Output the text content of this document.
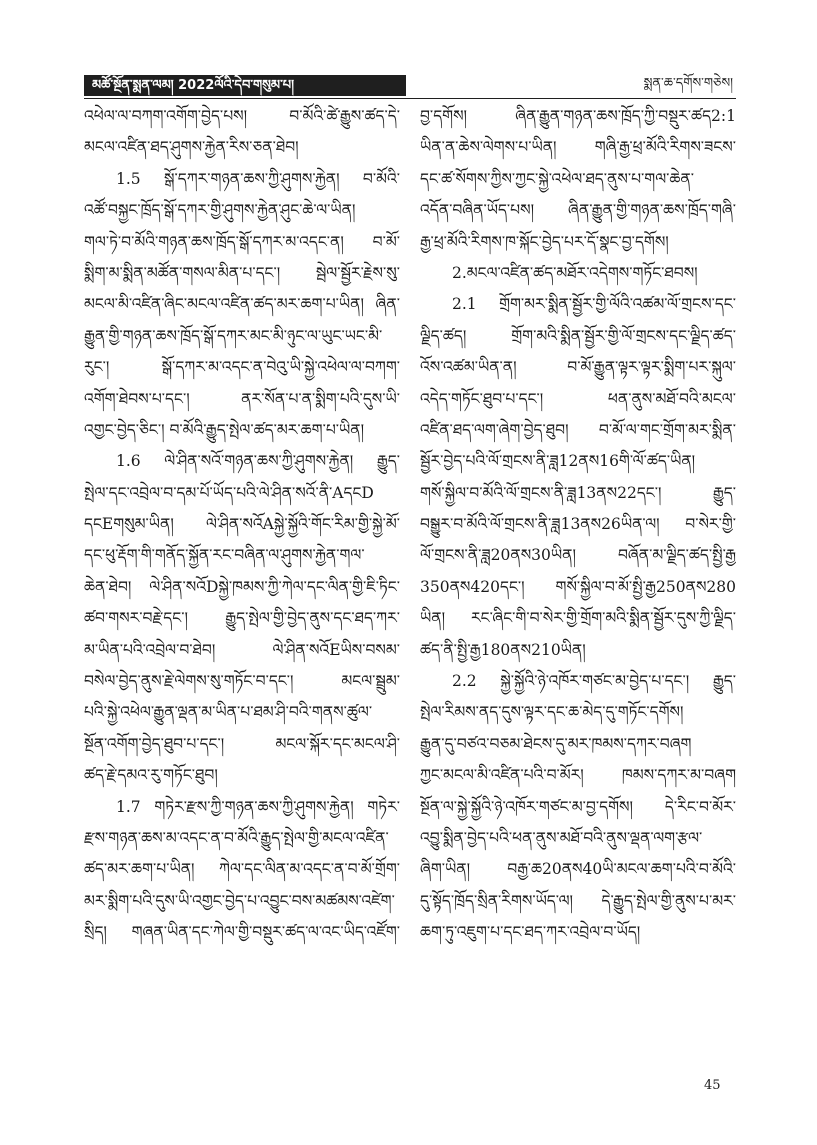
མཚོ་སྔོན་སྨན་ལམ། 2022ལོའི་དེབ་གསུམ་པ།	སྨན་ཆ་དགོས་གཅེས།
འཕེལ་ལ་བཀག་འགོག་བྱེད་པས། བ་མོའི་ཚེ་རྒྱུས་ཚད་དེ་
མངལ་འཛིན་ཐད་ཤུགས་རྐྱེན་རིས་ཅན་ཐེབ།
1.5 སྒོ་དཀར་གཉན་ཆས་ཀྱི་ཤུགས་རྐྱེན། བ་མོའི་
འཚོ་བསྐྱང་ཁྲོད་སྒོ་དཀར་གྱི་ཤུགས་རྐྱེན་ཤུང་ཆེ་ལ་ཡིན།
གལ་ཏེ་བ་མོའི་གཉན་ཆས་ཁྲོད་སྒོ་དཀར་མ་འདང་ན། བ་མོ་
སྨིག་མ་སྨིན་མཚོན་གསལ་མིན་པ་དང་། སྦེལ་སྦྱོར་རྗེས་སུ་
མངལ་མི་འཛིན་ཞིང་མངལ་འཛིན་ཚད་མར་ཆག་པ་ཡིན། ཞིན་
རྒྱུན་གྱི་གཉན་ཆས་ཁྲོད་སྒོ་དཀར་མང་མི་ཉུང་ལ་ཡུང་ཡང་མི་
རུང་། སྒོ་དཀར་མ་འདང་ན་བེའུ་ཡི་སྐྱེ་འཕེལ་ལ་བཀག་
འགོག་ཐེབས་པ་དང་། ནར་སོན་པ་ན་སྨིག་པའི་དུས་ཡི་
འགྱང་བྱེད་ཅིང་། བ་མོའི་རྒྱུད་སྤེལ་ཚད་མར་ཆག་པ་ཡིན།
1.6 ལེ་ཤིན་སའོ་གཉན་ཆས་ཀྱི་ཤུགས་རྐྱེན། རྒྱུད་
སྤེལ་དང་འབྲེལ་བ་དམ་པོ་ཡོད་པའི་ལེ་ཤིན་སའོ་ནི་AདངD
དངEགསུམ་ཡིན། ལེ་ཤིན་སའོAསྐྱེ་སྐྱོའི་གོང་རིམ་གྱི་སྐྱེ་མོ་
དང་ཕུ་རྡོག་གི་གནོད་སྐྱོན་རང་བཞིན་ལ་ཤུགས་རྐྱེན་གལ་
ཆེན་ཐེབ། ལེ་ཤིན་སའོDསྐྱེ་ཁམས་ཀྱི་ཀེལ་དང་ལིན་གྱི་ཇི་ཏིང་
ཚབ་གསར་བརྗེ་དང་། རྒྱུད་སྤེལ་གྱི་བྱེད་ནུས་དང་ཐད་ཀར་
མ་ཡིན་པའི་འབྲེལ་བ་ཐེབ། ལེ་ཤིན་སའོEཡིས་བསམ་
བསེལ་བྱེད་ནུས་རྗེ་ལེགས་སུ་གཏོང་བ་དང་། མངལ་སྦྲུམ་
པའི་སྐྱེ་འཕེལ་རྒྱུན་ལྡན་མ་ཡིན་པ་ཐམ་ཤི་བའི་གནས་ཚུལ་
སྔོན་འགོག་བྱེད་ཐུབ་པ་དང་། མངལ་སྐོར་དང་མངལ་ཤི་
ཚད་རྗེ་དམའ་རུ་གཏོང་ཐུབ།
1.7 གཏེར་རྫས་ཀྱི་གཉན་ཆས་ཀྱི་ཤུགས་རྐྱེན། གཏེར་
རྫས་གཉན་ཆས་མ་འདང་ན་བ་མོའི་རྒྱུད་སྤེལ་གྱི་མངལ་འཛིན་
ཚད་མར་ཆག་པ་ཡིན། ཀེལ་དང་ལིན་མ་འདང་ན་བ་མོ་གྲོག་
མར་སྨིག་པའི་དུས་ཡི་འགྱང་བྱེད་པ་འབྱུང་བས་མཚམས་འཛེག་
སྲིད། གཞན་ཡིན་དང་ཀེལ་གྱི་བསྡུར་ཚད་ལ་འང་ཡིད་འཛོག་
བྱ་དགོས། ཞིན་རྒྱུན་གཉན་ཆས་ཁྲོད་ཀྱི་བསྡུར་ཚད2:1
ཡིན་ན་ཆེས་ལེགས་པ་ཡིན། གཞི་རྒྱ་ཕྲ་མོའི་རིགས་ཟངས་
དང་ཚ་སོགས་ཀྱིས་ཀྱང་སྐྱེ་འཕེལ་ཐད་ནུས་པ་གལ་ཆེན་
འདོན་བཞིན་ཡོད་པས། ཞིན་རྒྱུན་གྱི་གཉན་ཆས་ཁྲོད་གཞི་
རྒྱ་ཕྲ་མོའི་རིགས་ཁ་སྐོང་བྱེད་པར་དོ་སྣང་བྱ་དགོས།
2.མངལ་འཛིན་ཚད་མཐོར་འདེགས་གཏོང་ཐབས།
2.1 གྲོག་མར་སྨིན་སྦྱོར་གྱི་ལོའི་འཚམ་ལོ་གྲངས་དང་
ལྗིད་ཚད། གྲོག་མའི་སྨིན་སྦྱོར་གྱི་ལོ་གྲངས་དང་ལྗིད་ཚད་
འོས་འཚམ་ཡིན་ན། བ་མོ་རྒྱུན་ལྟར་ལྟར་སྨིག་པར་སྐུལ་
འདེད་གཏོང་ཐུབ་པ་དང་། ཕན་ནུས་མཐོ་བའི་མངལ་
འཛིན་ཐད་ལག་ཞེག་བྱེད་ཐུབ། བ་མོ་ལ་གང་གྲོག་མར་སྨིན་
སྦྱོར་བྱེད་པའི་ལོ་གྲངས་ནི་ཟླ12ནས16གི་ལོ་ཚད་ཡིན།
གསོ་སྐྱིལ་བ་མོའི་ལོ་གྲངས་ནི་ཟླ13ནས22དང་། རྒྱུད་
བསྒྱུར་བ་མོའི་ལོ་གྲངས་ནི་ཟླ13ནས26ཡིན་ལ། བ་སེར་གྱི་
ལོ་གྲངས་ནི་ཟླ20ནས30ཡིན། བཞོན་མ་ལྗིད་ཚད་སྤྱི་རྒྱ
350ནས420དང་། གསོ་སྐྱིལ་བ་མོ་སྤྱི་རྒྱ250ནས280
ཡིན། རང་ཞིང་གི་བ་སེར་གྱི་གྲོག་མའི་སྨིན་སྦྱོར་དུས་ཀྱི་ལྗིད་
ཚད་ནི་སྤྱི་རྒྱ180ནས210ཡིན།
2.2 སྐྱེ་སྐྱོའི་ཉེ་འཁོར་གཙང་མ་བྱེད་པ་དང་། རྒྱུད་
སྤེལ་རིམས་ནད་དུས་ལྟར་དང་ཆ་མེད་དུ་གཏོང་དགོས།
རྒྱུན་དུ་བཙའ་བཅམ་ཐེངས་དུ་མར་ཁམས་དཀར་བཞག
ཀྱང་མངལ་མི་འཛིན་པའི་བ་མོར། ཁམས་དཀར་མ་བཞག
སྔོན་ལ་སྐྱེ་སྐྱོའི་ཉེ་འཁོར་གཙང་མ་བྱ་དགོས། དེ་རིང་བ་མོར་
འབྱུ་སྨིན་བྱེད་པའི་ཕན་ནུས་མཐོ་བའི་ནུས་ལྡན་ལག་རྩལ་
ཞིག་ཡིན། བརྒྱ་ཆ20ནས40ཡི་མངལ་ཆག་པའི་བ་མོའི་
དུ་སྟོད་ཁྲོད་སྲིན་རིགས་ཡོད་ལ། དེ་རྒྱུད་སྤེལ་གྱི་ནུས་པ་མར་
ཆག་ཏུ་འཇུག་པ་དང་ཐད་ཀར་འབྲེལ་བ་ཡོད།
45
